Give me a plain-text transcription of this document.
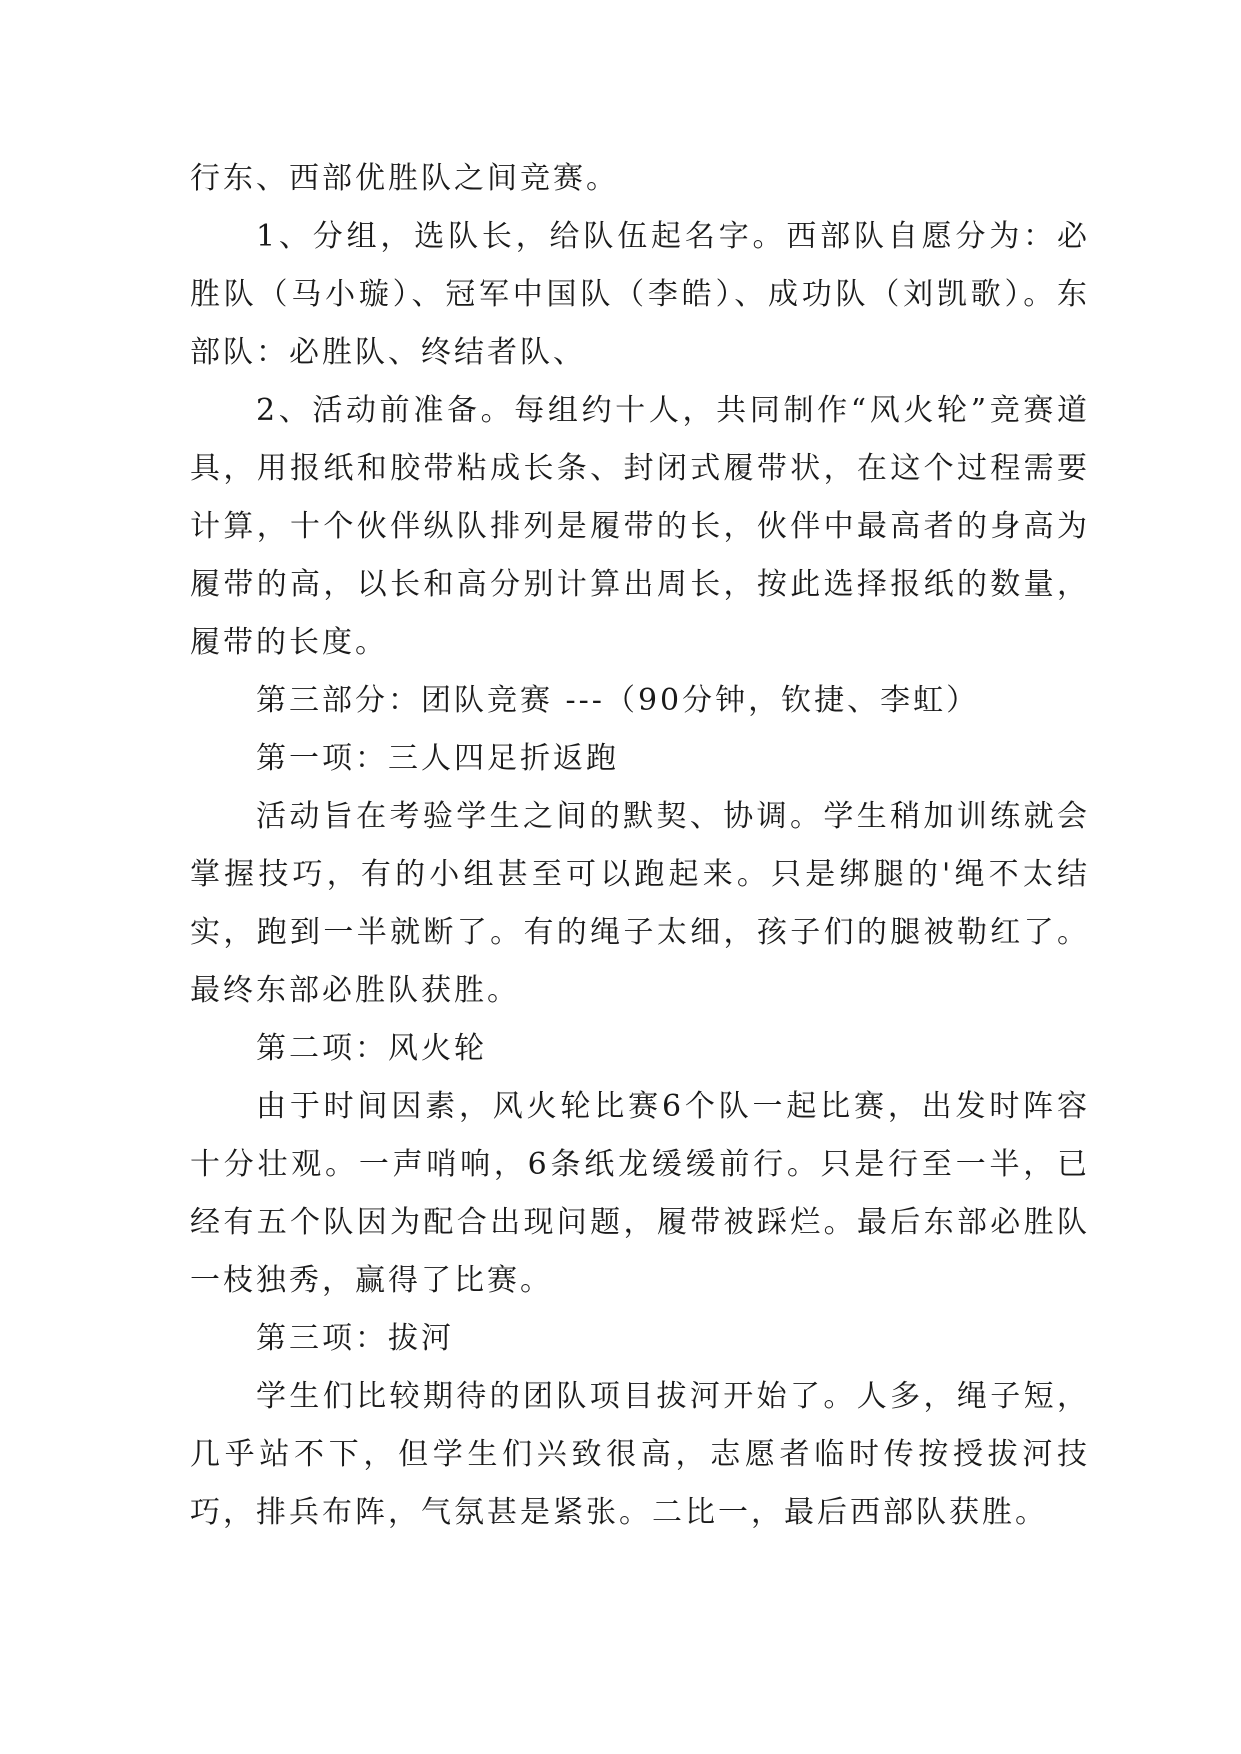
行东、西部优胜队之间竞赛。

1、分组，选队长，给队伍起名字。西部队自愿分为：必胜队（马小璇）、冠军中国队（李皓）、成功队（刘凯歌）。东部队：必胜队、终结者队、

2、活动前准备。每组约十人，共同制作“风火轮”竞赛道具，用报纸和胶带粘成长条、封闭式履带状，在这个过程需要计算，十个伙伴纵队排列是履带的长，伙伴中最高者的身高为履带的高，以长和高分别计算出周长，按此选择报纸的数量，履带的长度。

第三部分：团队竞赛 ---（90分钟，钦捷、李虹）

第一项：三人四足折返跑

活动旨在考验学生之间的默契、协调。学生稍加训练就会掌握技巧，有的小组甚至可以跑起来。只是绑腿的'绳不太结实，跑到一半就断了。有的绳子太细，孩子们的腿被勒红了。最终东部必胜队获胜。

第二项：风火轮

由于时间因素，风火轮比赛6个队一起比赛，出发时阵容十分壮观。一声哨响，6条纸龙缓缓前行。只是行至一半，已经有五个队因为配合出现问题，履带被踩烂。最后东部必胜队一枝独秀，赢得了比赛。

第三项：拔河

学生们比较期待的团队项目拔河开始了。人多，绳子短，几乎站不下，但学生们兴致很高，志愿者临时传按授拔河技巧，排兵布阵，气氛甚是紧张。二比一，最后西部队获胜。
